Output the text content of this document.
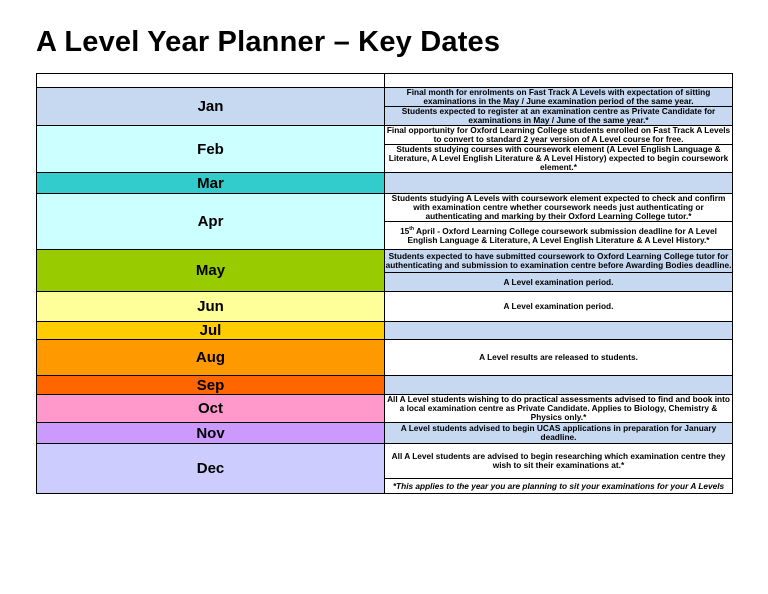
A Level Year Planner – Key Dates

Jan	Final month for enrolments on Fast Track A Levels with expectation of sitting examinations in the May / June examination period of the same year.
	Students expected to register at an examination centre as Private Candidate for examinations in May / June of the same year.*
Feb	Final opportunity for Oxford Learning College students enrolled on Fast Track A Levels to convert to standard 2 year version of A Level course for free.
	Students studying courses with coursework element (A Level English Language & Literature, A Level English Literature & A Level History) expected to begin coursework element.*
Mar	
Apr	Students studying A Levels with coursework element expected to check and confirm with examination centre whether coursework needs just authenticating or authenticating and marking by their Oxford Learning College tutor.*
	15th April - Oxford Learning College coursework submission deadline for A Level English Language & Literature, A Level English Literature & A Level History.*
May	Students expected to have submitted coursework to Oxford Learning College tutor for authenticating and submission to examination centre before Awarding Bodies deadline.
	A Level examination period.
Jun	A Level examination period.
Jul	
Aug	A Level results are released to students.
Sep	
Oct	All A Level students wishing to do practical assessments advised to find and book into a local examination centre as Private Candidate. Applies to Biology, Chemistry & Physics only.*
Nov	A Level students advised to begin UCAS applications in preparation for January deadline.
Dec	All A Level students are advised to begin researching which examination centre they wish to sit their examinations at.*
	*This applies to the year you are planning to sit your examinations for your A Levels
